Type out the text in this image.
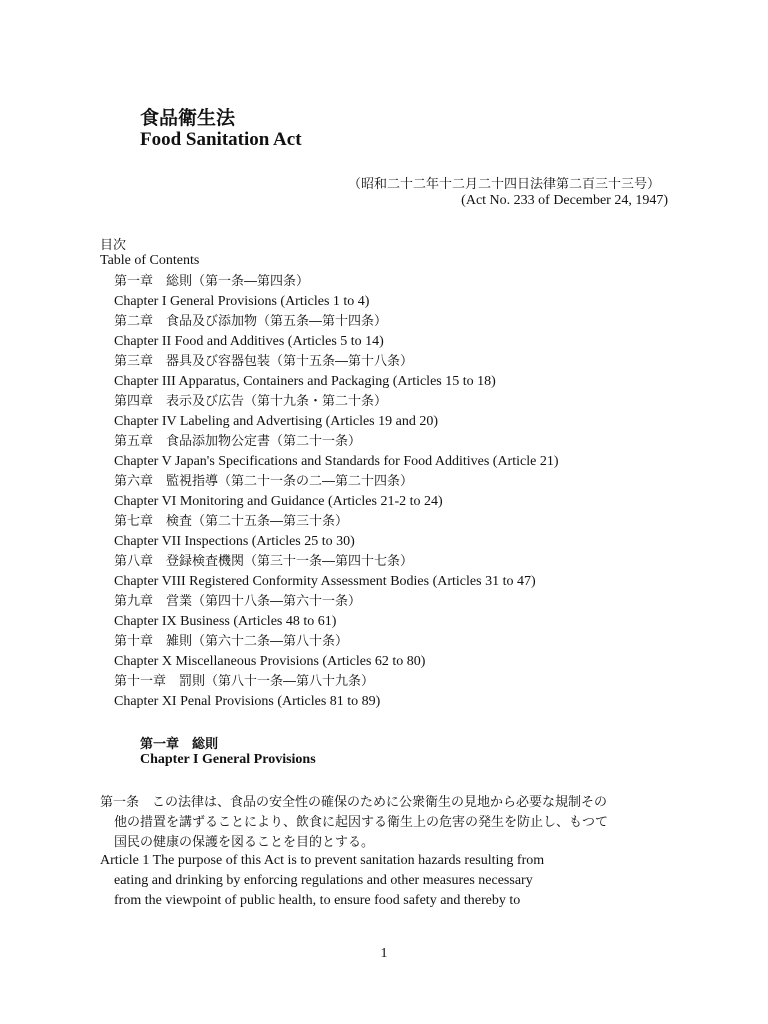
食品衛生法
Food Sanitation Act
（昭和二十二年十二月二十四日法律第二百三十三号）
(Act No. 233 of December 24, 1947)
目次
Table of Contents
第一章　総則（第一条―第四条）
Chapter I General Provisions (Articles 1 to 4)
第二章　食品及び添加物（第五条―第十四条）
Chapter II Food and Additives (Articles 5 to 14)
第三章　器具及び容器包装（第十五条―第十八条）
Chapter III Apparatus, Containers and Packaging (Articles 15 to 18)
第四章　表示及び広告（第十九条・第二十条）
Chapter IV Labeling and Advertising (Articles 19 and 20)
第五章　食品添加物公定書（第二十一条）
Chapter V Japan's Specifications and Standards for Food Additives (Article 21)
第六章　監視指導（第二十一条の二―第二十四条）
Chapter VI Monitoring and Guidance (Articles 21-2 to 24)
第七章　検査（第二十五条―第三十条）
Chapter VII Inspections (Articles 25 to 30)
第八章　登録検査機関（第三十一条―第四十七条）
Chapter VIII Registered Conformity Assessment Bodies (Articles 31 to 47)
第九章　営業（第四十八条―第六十一条）
Chapter IX Business (Articles 48 to 61)
第十章　雑則（第六十二条―第八十条）
Chapter X Miscellaneous Provisions (Articles 62 to 80)
第十一章　罰則（第八十一条―第八十九条）
Chapter XI Penal Provisions (Articles 81 to 89)
第一章　総則
Chapter I General Provisions
第一条　この法律は、食品の安全性の確保のために公衆衛生の見地から必要な規制その
他の措置を講ずることにより、飲食に起因する衛生上の危害の発生を防止し、もつて
国民の健康の保護を図ることを目的とする。
Article 1 The purpose of this Act is to prevent sanitation hazards resulting from
eating and drinking by enforcing regulations and other measures necessary
from the viewpoint of public health, to ensure food safety and thereby to
1
